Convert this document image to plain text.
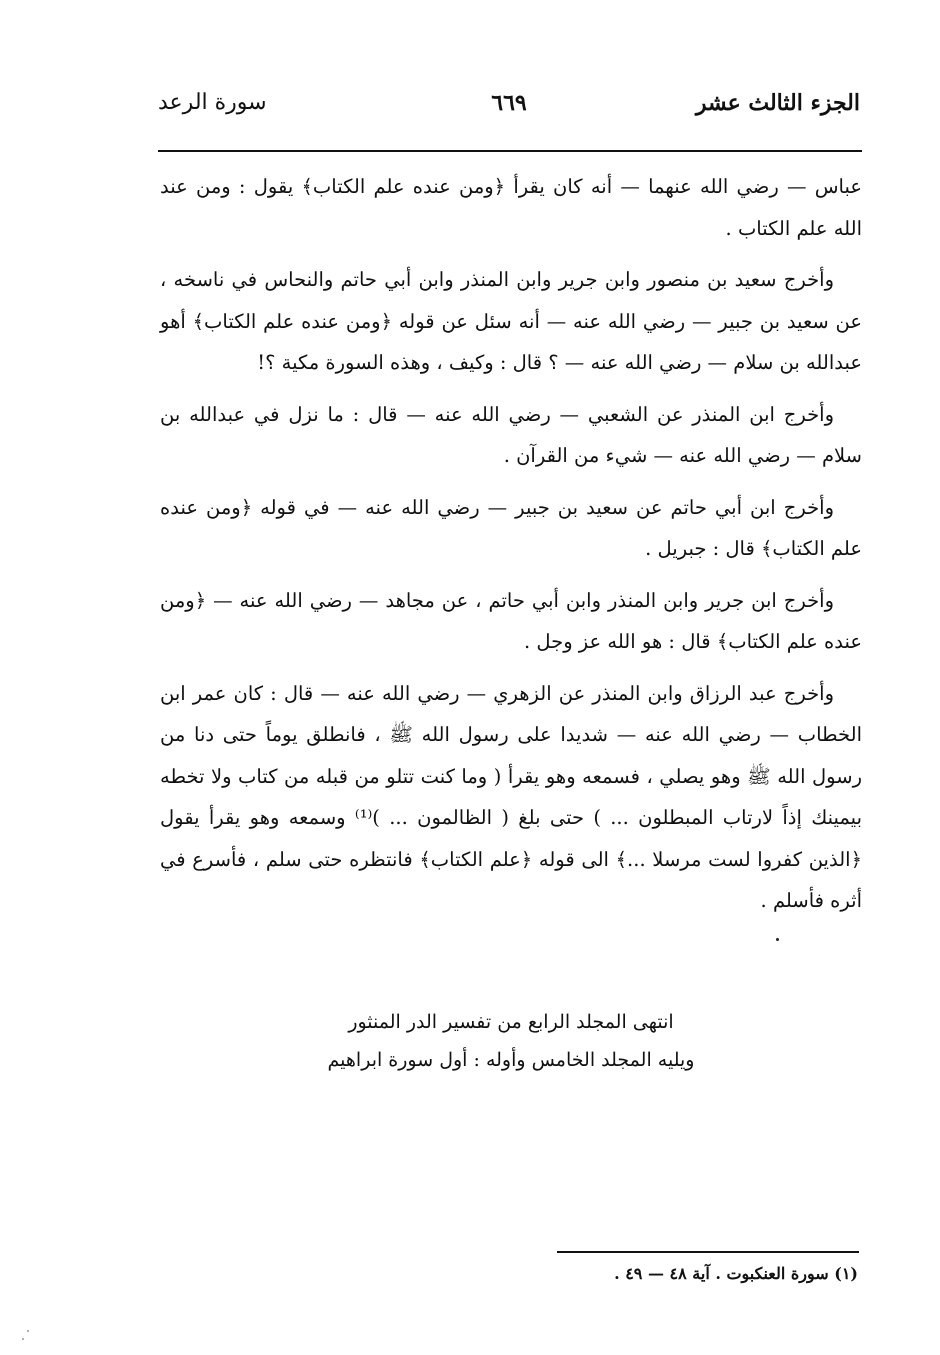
الجزء الثالث عشر
٦٦٩
سورة الرعد

عباس — رضي الله عنهما — أنه كان يقرأ ﴿ومن عنده علم الكتاب﴾ يقول : ومن عند الله علم الكتاب .

وأخرج سعيد بن منصور وابن جرير وابن المنذر وابن أبي حاتم والنحاس في ناسخه ، عن سعيد بن جبير — رضي الله عنه — أنه سئل عن قوله ﴿ومن عنده علم الكتاب﴾ أهو عبدالله بن سلام — رضي الله عنه — ؟ قال : وكيف ، وهذه السورة مكية ؟!

وأخرج ابن المنذر عن الشعبي — رضي الله عنه — قال : ما نزل في عبدالله بن سلام — رضي الله عنه — شيء من القرآن .

وأخرج ابن أبي حاتم عن سعيد بن جبير — رضي الله عنه — في قوله ﴿ومن عنده علم الكتاب﴾ قال : جبريل .

وأخرج ابن جرير وابن المنذر وابن أبي حاتم ، عن مجاهد — رضي الله عنه — ﴿ومن عنده علم الكتاب﴾ قال : هو الله عز وجل .

وأخرج عبد الرزاق وابن المنذر عن الزهري — رضي الله عنه — قال : كان عمر ابن الخطاب — رضي الله عنه — شديدا على رسول الله ﷺ ، فانطلق يوماً حتى دنا من رسول الله ﷺ وهو يصلي ، فسمعه وهو يقرأ ( وما كنت تتلو من قبله من كتاب ولا تخطه بيمينك إذاً لارتاب المبطلون ... ) حتى بلغ ( الظالمون ... )⁽¹⁾ وسمعه وهو يقرأ يقول ﴿الذين كفروا لست مرسلا ...﴾ الى قوله ﴿علم الكتاب﴾ فانتظره حتى سلم ، فأسرع في أثره فأسلم .

انتهى المجلد الرابع من تفسير الدر المنثور
ويليه المجلد الخامس وأوله : أول سورة ابراهيم
(١) سورة العنكبوت . آية ٤٨ — ٤٩ .
